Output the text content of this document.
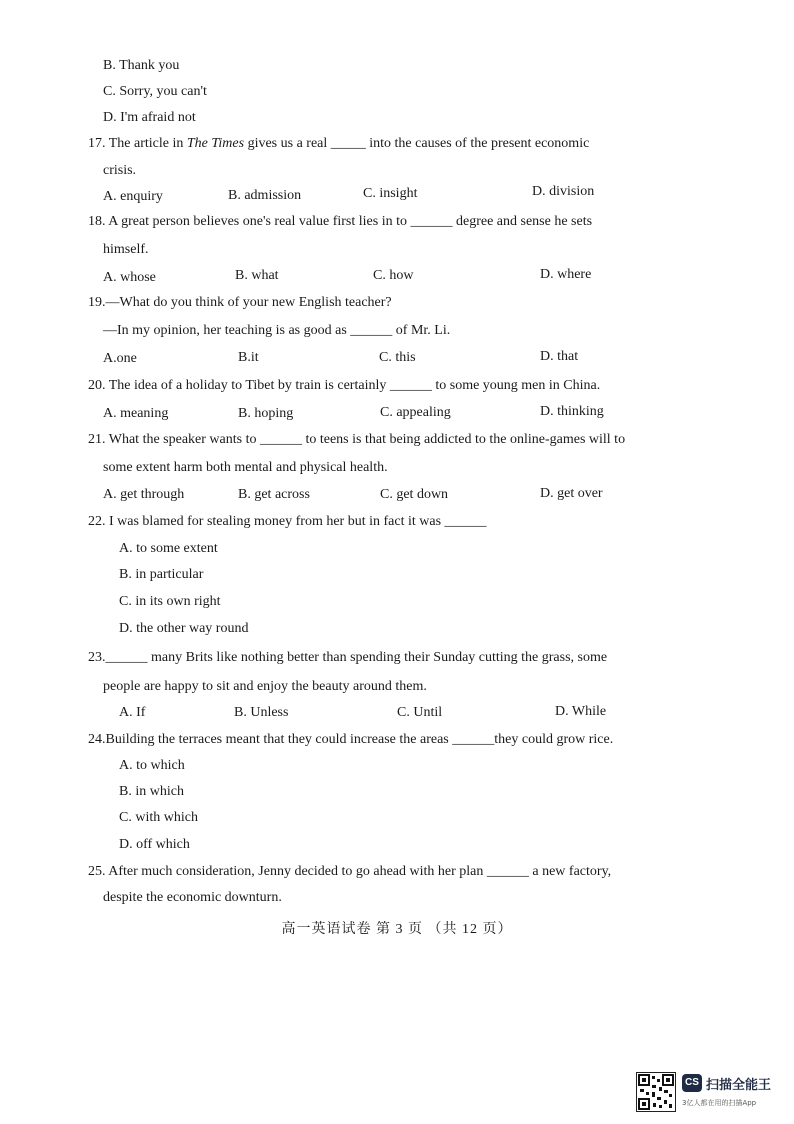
B. Thank you
C. Sorry, you can't
D. I'm afraid not
17. The article in The Times gives us a real _____ into the causes of the present economic
crisis.
A. enquiry	B. admission	C. insight	D. division
18. A great person believes one's real value first lies in to ______ degree and sense he sets
himself.
A. whose	B. what	C. how	D. where
19.—What do you think of your new English teacher?
—In my opinion, her teaching is as good as ______ of Mr. Li.
A.one	B.it	C. this	D. that
20. The idea of a holiday to Tibet by train is certainly ______ to some young men in China.
A. meaning	B. hoping	C. appealing	D. thinking
21. What the speaker wants to ______ to teens is that being addicted to the online-games will to
some extent harm both mental and physical health.
A. get through	B. get across	C. get down	D. get over
22. I was blamed for stealing money from her but in fact it was ______
A. to some extent
B. in particular
C. in its own right
D. the other way round
23.______ many Brits like nothing better than spending their Sunday cutting the grass, some
people are happy to sit and enjoy the beauty around them.
A. If	B. Unless	C. Until	D. While
24.Building the terraces meant that they could increase the areas ______they could grow rice.
A. to which
B. in which
C. with which
D. off which
25. After much consideration, Jenny decided to go ahead with her plan ______ a new factory,
despite the economic downturn.
高一英语试卷 第 3 页 （共 12 页）
CS 扫描全能王
3亿人都在用的扫描App
